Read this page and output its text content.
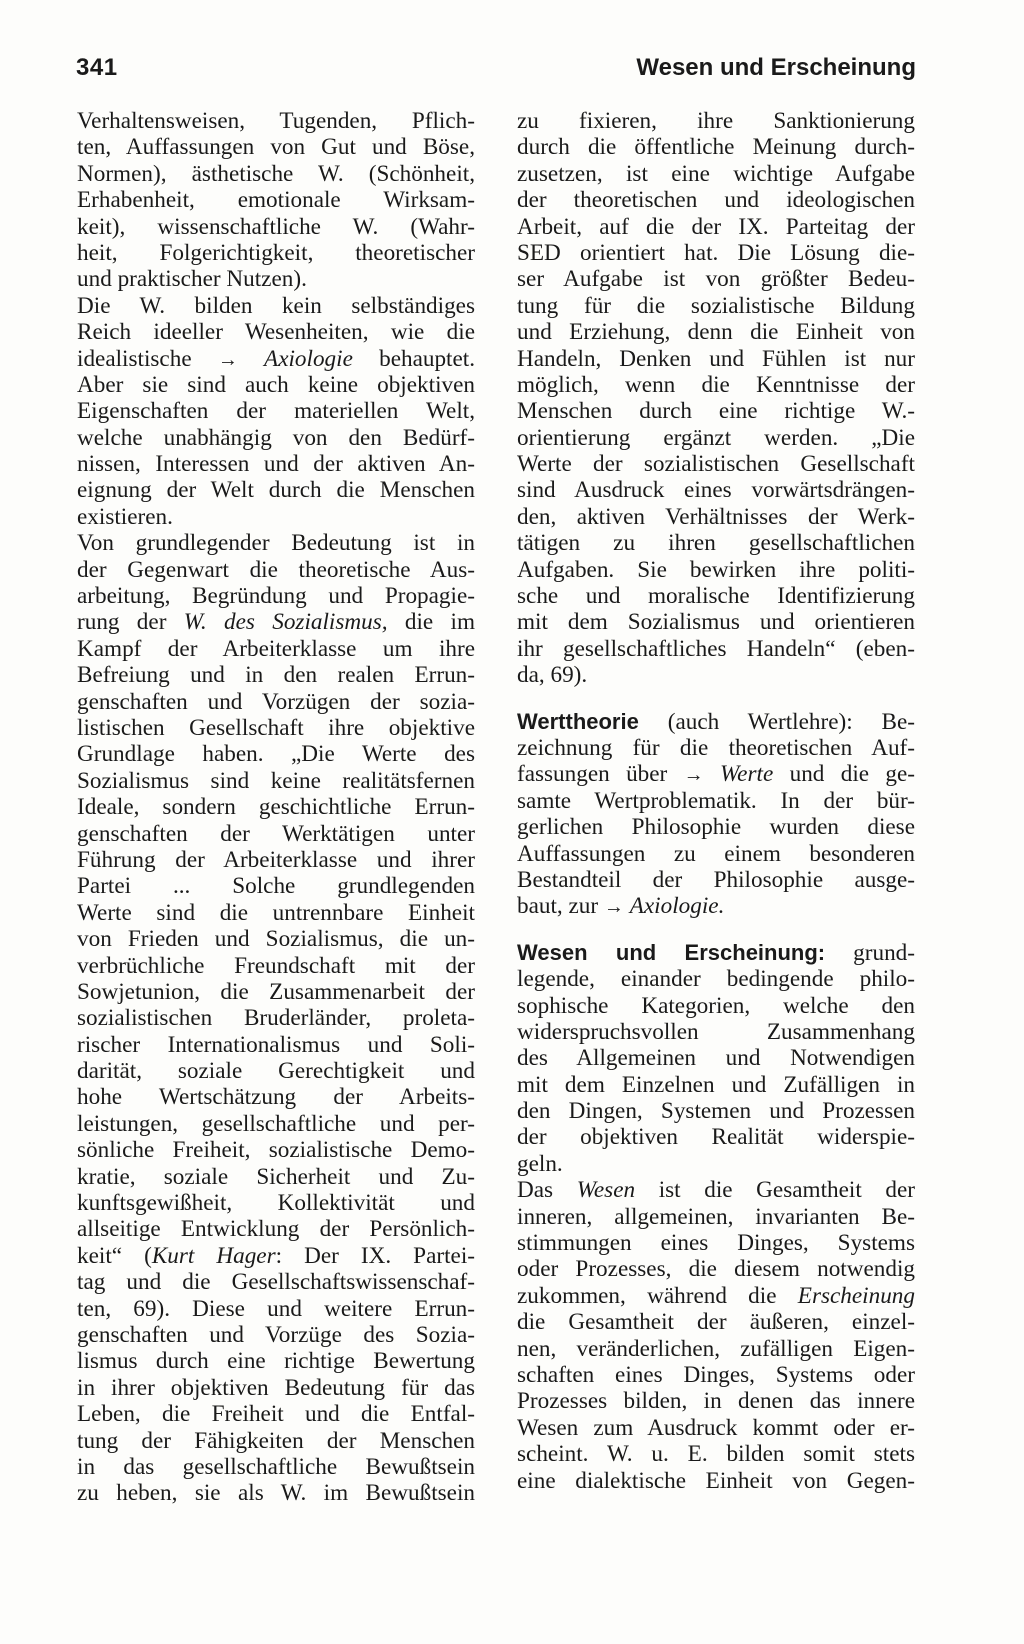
341	Wesen und Erscheinung
Verhaltensweisen, Tugenden, Pflich-
ten, Auffassungen von Gut und Böse,
Normen), ästhetische W. (Schönheit,
Erhabenheit, emotionale Wirksam-
keit), wissenschaftliche W. (Wahr-
heit, Folgerichtigkeit, theoretischer
und praktischer Nutzen).
Die W. bilden kein selbständiges
Reich ideeller Wesenheiten, wie die
idealistische → Axiologie behauptet.
Aber sie sind auch keine objektiven
Eigenschaften der materiellen Welt,
welche unabhängig von den Bedürf-
nissen, Interessen und der aktiven An-
eignung der Welt durch die Menschen
existieren.
Von grundlegender Bedeutung ist in
der Gegenwart die theoretische Aus-
arbeitung, Begründung und Propagie-
rung der W. des Sozialismus, die im
Kampf der Arbeiterklasse um ihre
Befreiung und in den realen Errun-
genschaften und Vorzügen der sozia-
listischen Gesellschaft ihre objektive
Grundlage haben. „Die Werte des
Sozialismus sind keine realitätsfernen
Ideale, sondern geschichtliche Errun-
genschaften der Werktätigen unter
Führung der Arbeiterklasse und ihrer
Partei ... Solche grundlegenden
Werte sind die untrennbare Einheit
von Frieden und Sozialismus, die un-
verbrüchliche Freundschaft mit der
Sowjetunion, die Zusammenarbeit der
sozialistischen Bruderländer, proleta-
rischer Internationalismus und Soli-
darität, soziale Gerechtigkeit und
hohe Wertschätzung der Arbeits-
leistungen, gesellschaftliche und per-
sönliche Freiheit, sozialistische Demo-
kratie, soziale Sicherheit und Zu-
kunftsgewißheit, Kollektivität und
allseitige Entwicklung der Persönlich-
keit“ (Kurt Hager: Der IX. Partei-
tag und die Gesellschaftswissenschaf-
ten, 69). Diese und weitere Errun-
genschaften und Vorzüge des Sozia-
lismus durch eine richtige Bewertung
in ihrer objektiven Bedeutung für das
Leben, die Freiheit und die Entfal-
tung der Fähigkeiten der Menschen
in das gesellschaftliche Bewußtsein
zu heben, sie als W. im Bewußtsein
zu fixieren, ihre Sanktionierung
durch die öffentliche Meinung durch-
zusetzen, ist eine wichtige Aufgabe
der theoretischen und ideologischen
Arbeit, auf die der IX. Parteitag der
SED orientiert hat. Die Lösung die-
ser Aufgabe ist von größter Bedeu-
tung für die sozialistische Bildung
und Erziehung, denn die Einheit von
Handeln, Denken und Fühlen ist nur
möglich, wenn die Kenntnisse der
Menschen durch eine richtige W.-
orientierung ergänzt werden. „Die
Werte der sozialistischen Gesellschaft
sind Ausdruck eines vorwärtsdrängen-
den, aktiven Verhältnisses der Werk-
tätigen zu ihren gesellschaftlichen
Aufgaben. Sie bewirken ihre politi-
sche und moralische Identifizierung
mit dem Sozialismus und orientieren
ihr gesellschaftliches Handeln“ (eben-
da, 69).
Werttheorie (auch Wertlehre): Be-
zeichnung für die theoretischen Auf-
fassungen über → Werte und die ge-
samte Wertproblematik. In der bür-
gerlichen Philosophie wurden diese
Auffassungen zu einem besonderen
Bestandteil der Philosophie ausge-
baut, zur → Axiologie.
Wesen und Erscheinung: grund-
legende, einander bedingende philo-
sophische Kategorien, welche den
widerspruchsvollen Zusammenhang
des Allgemeinen und Notwendigen
mit dem Einzelnen und Zufälligen in
den Dingen, Systemen und Prozessen
der objektiven Realität widerspie-
geln.
Das Wesen ist die Gesamtheit der
inneren, allgemeinen, invarianten Be-
stimmungen eines Dinges, Systems
oder Prozesses, die diesem notwendig
zukommen, während die Erscheinung
die Gesamtheit der äußeren, einzel-
nen, veränderlichen, zufälligen Eigen-
schaften eines Dinges, Systems oder
Prozesses bilden, in denen das innere
Wesen zum Ausdruck kommt oder er-
scheint. W. u. E. bilden somit stets
eine dialektische Einheit von Gegen-
